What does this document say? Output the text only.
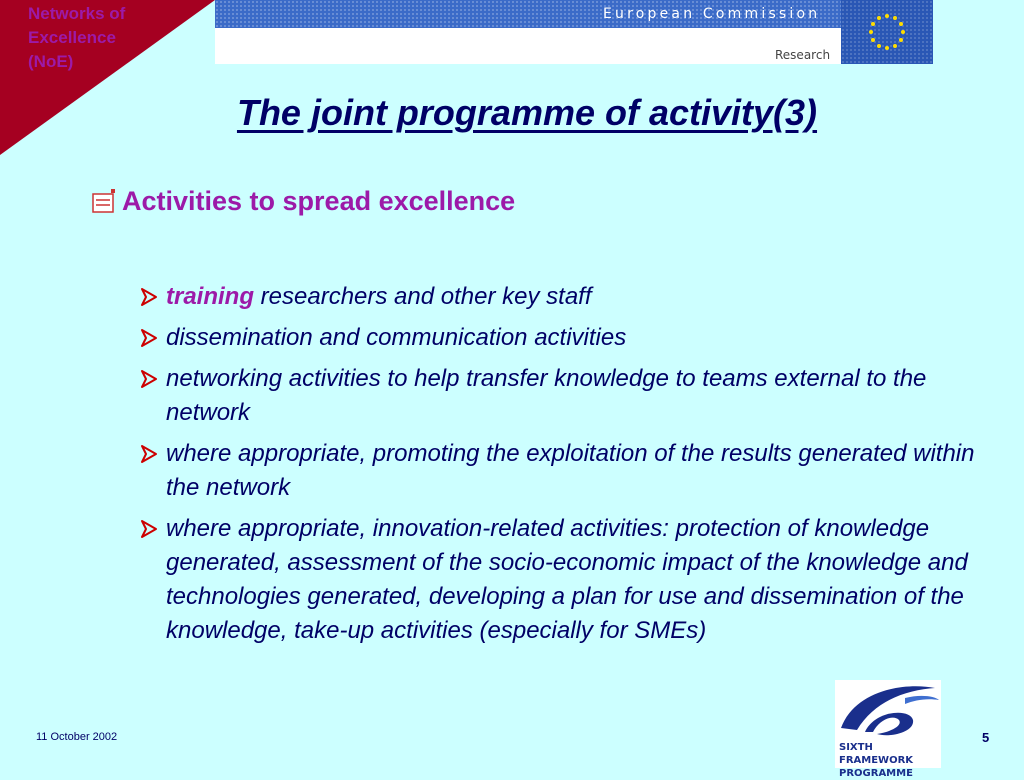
Networks of
Excellence
(NoE)
European Commission
Research
The joint programme of activity(3)
Activities to spread excellence
training researchers and other key staff
dissemination and communication activities
networking activities to help transfer knowledge to teams external to the network
where appropriate, promoting the exploitation of the results generated within the network
where appropriate, innovation-related activities: protection of knowledge generated, assessment of the socio-economic impact of the knowledge and technologies generated, developing a plan for use and dissemination of the knowledge, take-up activities (especially for SMEs)
11 October 2002
SIXTH FRAMEWORK
PROGRAMME
5
